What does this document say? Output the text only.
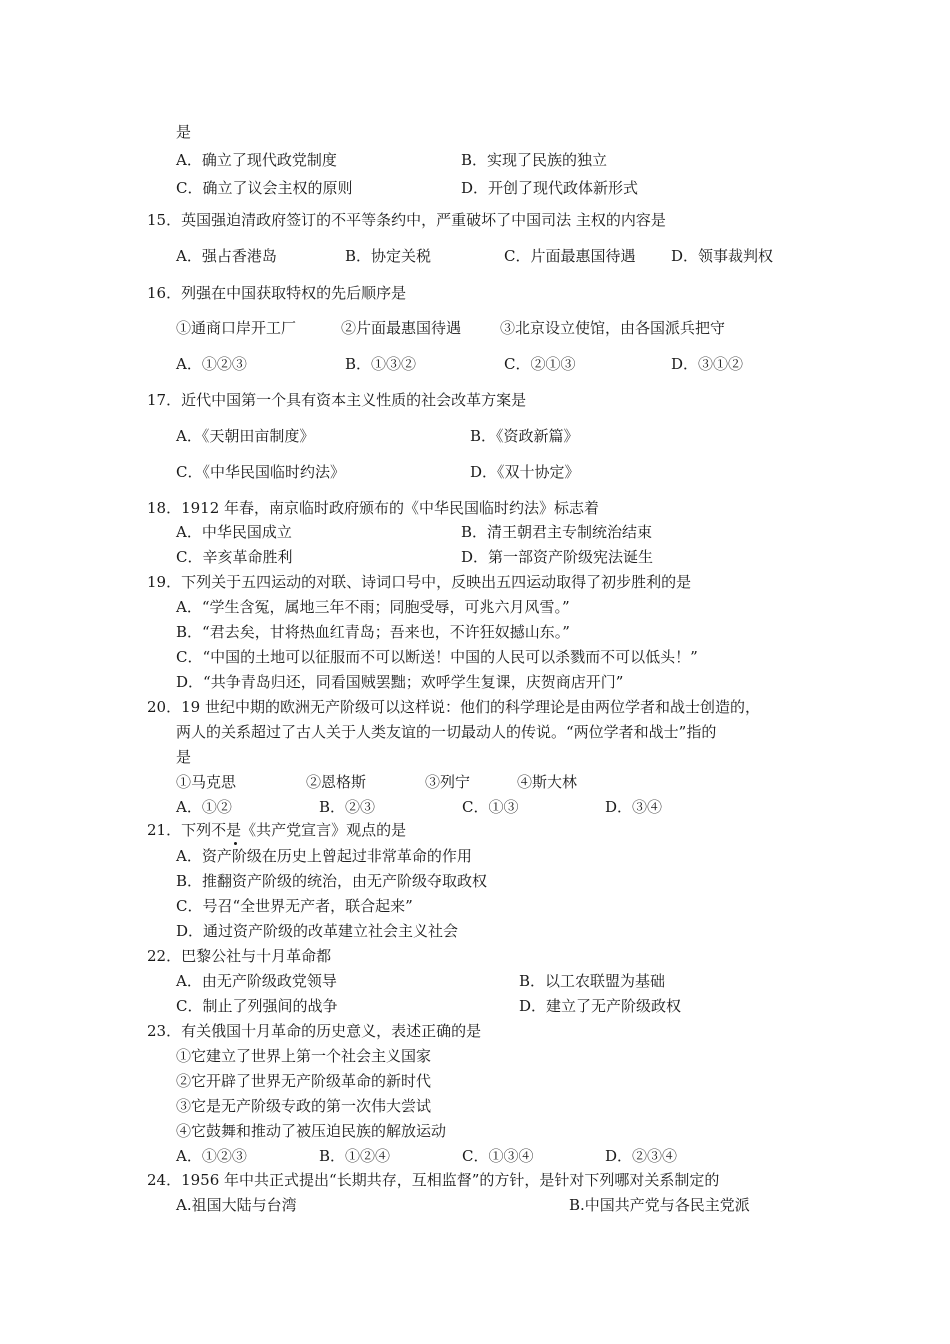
是
A．确立了现代政党制度	B．实现了民族的独立
C．确立了议会主权的原则	D．开创了现代政体新形式
15．英国强迫清政府签订的不平等条约中，严重破坏了中国司法 主权的内容是
A．强占香港岛	B．协定关税	C．片面最惠国待遇 D．领事裁判权
16．列强在中国获取特权的先后顺序是
①通商口岸开工厂	②片面最惠国待遇	③北京设立使馆，由各国派兵把守
A．①②③	B．①③②	C．②①③	D．③①②
17．近代中国第一个具有资本主义性质的社会改革方案是
A．《天朝田亩制度》	B．《资政新篇》
C．《中华民国临时约法》	D．《双十协定》
18．1912 年春，南京临时政府颁布的《中华民国临时约法》标志着
A．中华民国成立	B．清王朝君主专制统治结束
C．辛亥革命胜利	D．第一部资产阶级宪法诞生
19．下列关于五四运动的对联、诗词口号中，反映出五四运动取得了初步胜利的是
A．“学生含冤，属地三年不雨；同胞受辱，可兆六月风雪。”
B．“君去矣，甘将热血红青岛；吾来也，不许狂奴撼山东。”
C．“中国的土地可以征服而不可以断送！中国的人民可以杀戮而不可以低头！”
D．“共争青岛归还，同看国贼罢黜；欢呼学生复课，庆贺商店开门”
20．19 世纪中期的欧洲无产阶级可以这样说：他们的科学理论是由两位学者和战士创造的，
两人的关系超过了古人关于人类友谊的一切最动人的传说。“两位学者和战士”指的
是
①马克思	②恩格斯	③列宁	④斯大林
A．①②	B．②③	C．①③	D．③④
21．下列不是《共产党宣言》观点的是
A．资产阶级在历史上曾起过非常革命的作用
B．推翻资产阶级的统治，由无产阶级夺取政权
C．号召“全世界无产者，联合起来”
D．通过资产阶级的改革建立社会主义社会
22．巴黎公社与十月革命都
A．由无产阶级政党领导	B．以工农联盟为基础
C．制止了列强间的战争	D．建立了无产阶级政权
23．有关俄国十月革命的历史意义，表述正确的是
①它建立了世界上第一个社会主义国家
②它开辟了世界无产阶级革命的新时代
③它是无产阶级专政的第一次伟大尝试
④它鼓舞和推动了被压迫民族的解放运动
A．①②③	B．①②④	C．①③④	D．②③④
24．1956 年中共正式提出“长期共存，互相监督”的方针，是针对下列哪对关系制定的
A.祖国大陆与台湾	B.中国共产党与各民主党派
